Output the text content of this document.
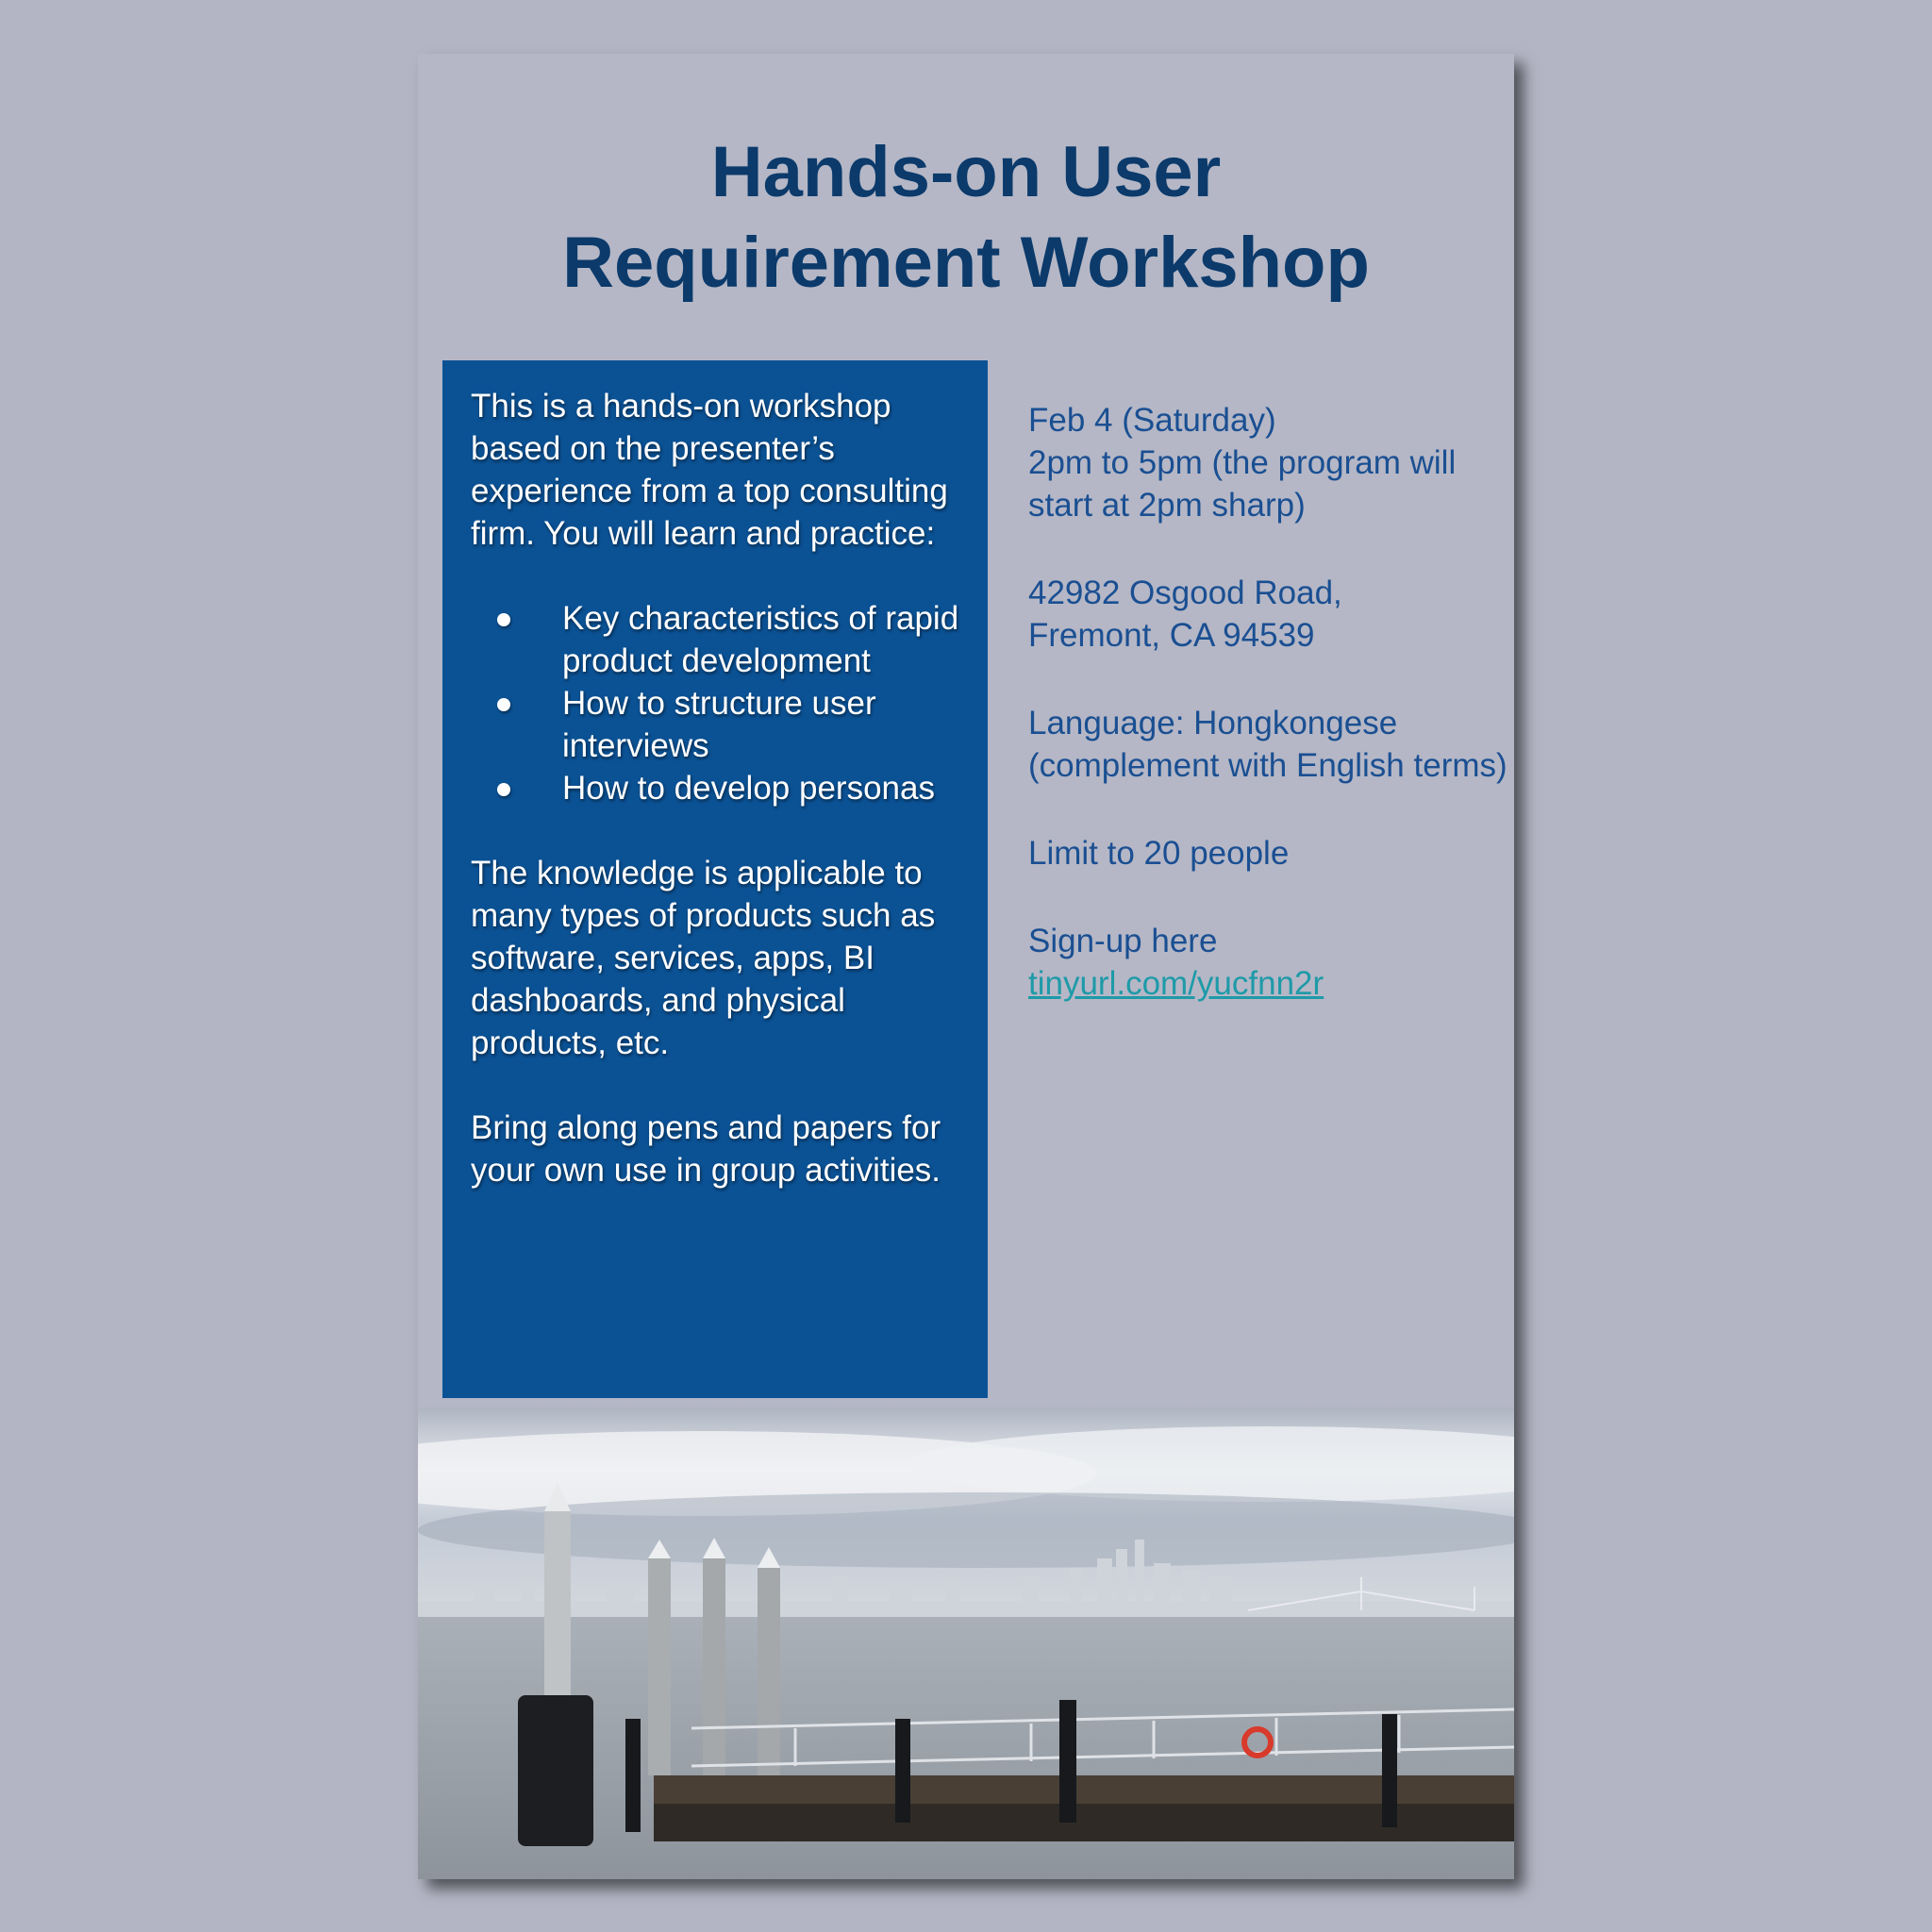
Hands-on User
Requirement Workshop

This is a hands-on workshop based on the presenter’s experience from a top consulting firm. You will learn and practice:

Key characteristics of rapid product development
How to structure user interviews
How to develop personas

The knowledge is applicable to many types of products such as software, services, apps, BI dashboards, and physical products, etc.

Bring along pens and papers for your own use in group activities.

Feb 4 (Saturday)
2pm to 5pm (the program will start at 2pm sharp)
42982 Osgood Road,
Fremont, CA 94539
Language: Hongkongese (complement with English terms)
Limit to 20 people
Sign-up here
tinyurl.com/yucfnn2r
